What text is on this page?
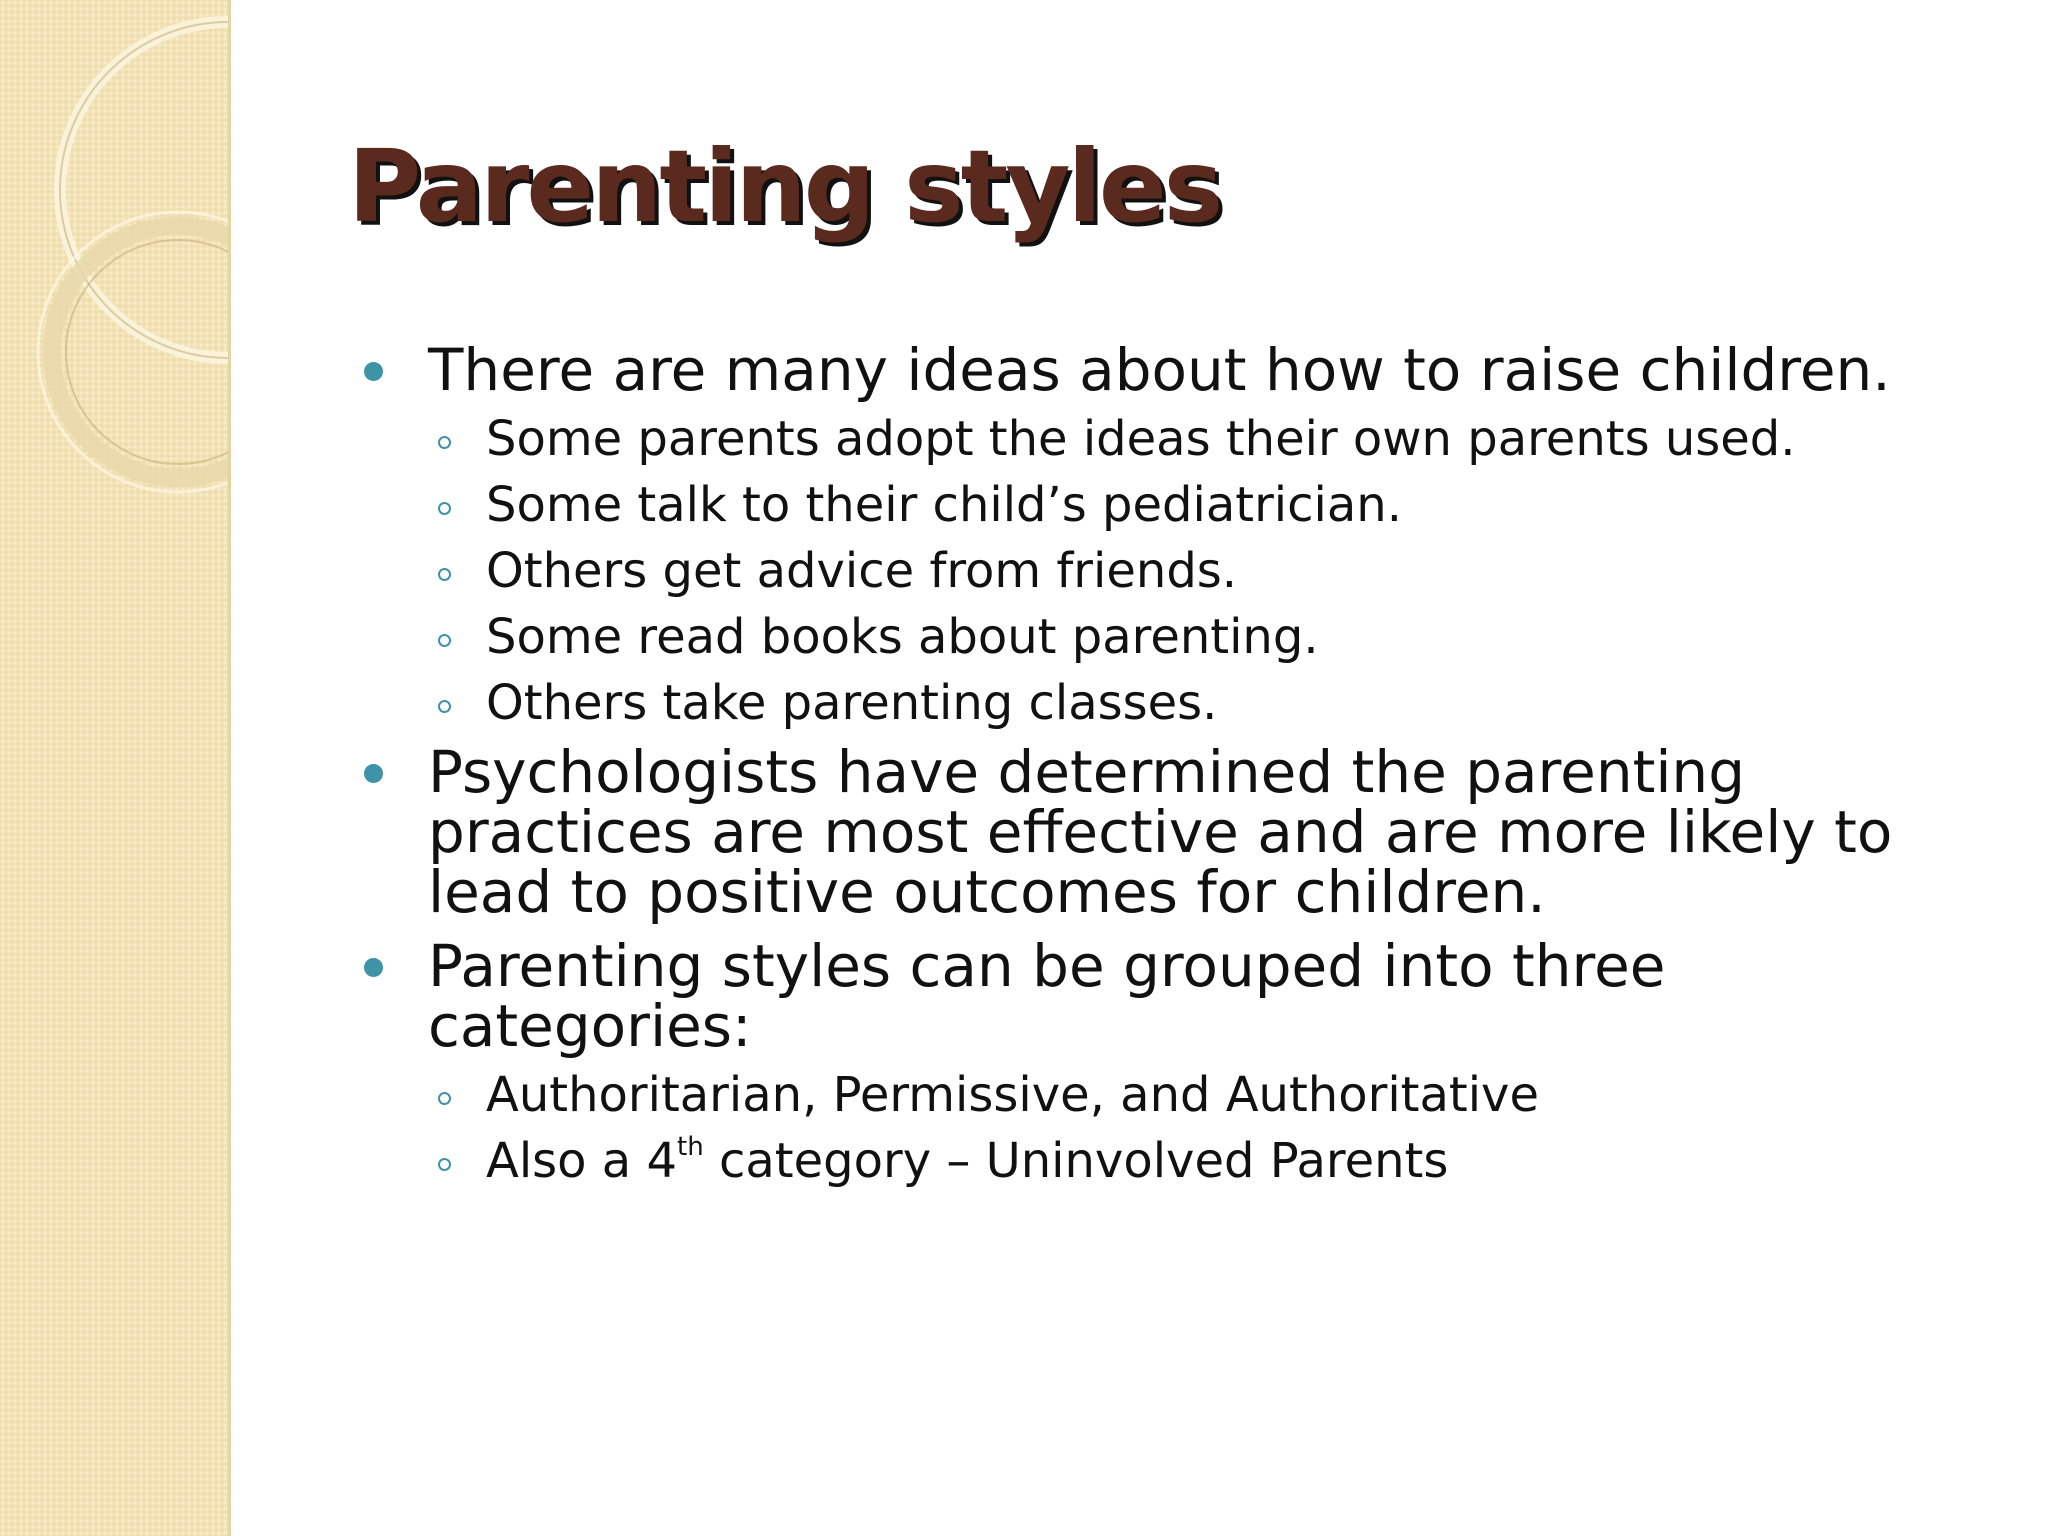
Parenting styles

There are many ideas about how to raise children.

Some parents adopt the ideas their own parents used.

Some talk to their child’s pediatrician.

Others get advice from friends.

Some read books about parenting.

Others take parenting classes.

Psychologists have determined the parenting practices are most effective and are more likely to lead to positive outcomes for children.

Parenting styles can be grouped into three categories:

Authoritarian, Permissive, and Authoritative

Also a 4th category – Uninvolved Parents
